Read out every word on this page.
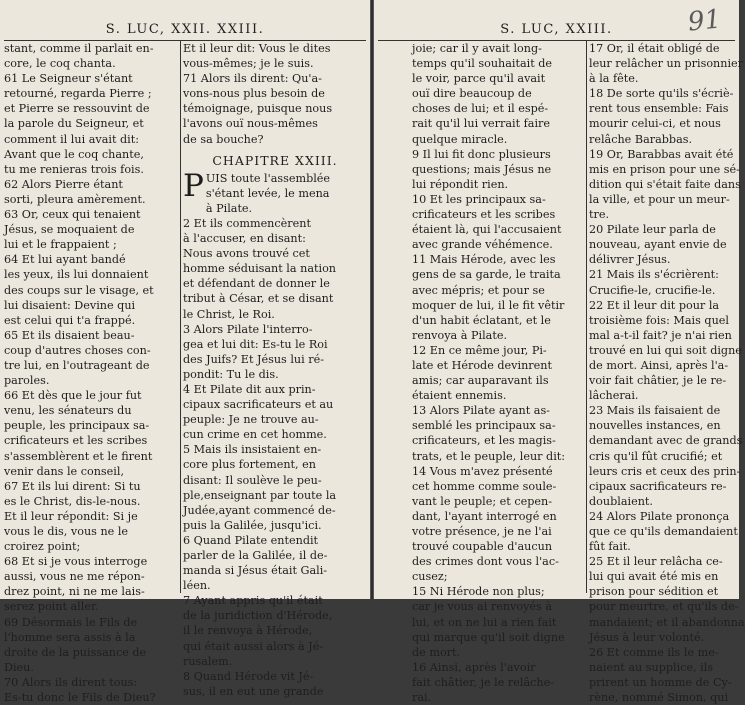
S. LUC, XXII. XXIII.
stant, comme il parlait en-
core, le coq chanta.
61 Le Seigneur s'étant
retourné, regarda Pierre ;
et Pierre se ressouvint de
la parole du Seigneur, et
comment il lui avait dit:
Avant que le coq chante,
tu me renieras trois fois.
62 Alors Pierre étant
sorti, pleura amèrement.
63 Or, ceux qui tenaient
Jésus, se moquaient de
lui et le frappaient ;
64 Et lui ayant bandé
les yeux, ils lui donnaient
des coups sur le visage, et
lui disaient: Devine qui
est celui qui t'a frappé.
65 Et ils disaient beau-
coup d'autres choses con-
tre lui, en l'outrageant de
paroles.
66 Et dès que le jour fut
venu, les sénateurs du
peuple, les principaux sa-
crificateurs et les scribes
s'assemblèrent et le firent
venir dans le conseil,
67 Et ils lui dirent: Si tu
es le Christ, dis-le-nous.
Et il leur répondit: Si je
vous le dis, vous ne le
croirez point;
68 Et si je vous interroge
aussi, vous ne me répon-
drez point, ni ne me lais-
serez point aller.
69 Désormais le Fils de
l'homme sera assis à la
droite de la puissance de
Dieu.
70 Alors ils dirent tous:
Es-tu donc le Fils de Dieu?
Et il leur dit: Vous le dites
vous-mêmes; je le suis.
71 Alors ils dirent: Qu'a-
vons-nous plus besoin de
témoignage, puisque nous
l'avons ouï nous-mêmes
de sa bouche?
CHAPITRE XXIII.
P UIS toute l'assemblée
s'étant levée, le mena
à Pilate.
2 Et ils commencèrent
à l'accuser, en disant:
Nous avons trouvé cet
homme séduisant la nation
et défendant de donner le
tribut à César, et se disant
le Christ, le Roi.
3 Alors Pilate l'interro-
gea et lui dit: Es-tu le Roi
des Juifs? Et Jésus lui ré-
pondit: Tu le dis.
4 Et Pilate dit aux prin-
cipaux sacrificateurs et au
peuple: Je ne trouve au-
cun crime en cet homme.
5 Mais ils insistaient en-
core plus fortement, en
disant: Il soulève le peu-
ple,enseignant par toute la
Judée,ayant commencé de-
puis la Galilée, jusqu'ici.
6 Quand Pilate entendit
parler de la Galilée, il de-
manda si Jésus était Gali-
léen.
7 Ayant appris qu'il était
de la juridiction d'Hérode,
il le renvoya à Hérode,
qui était aussi alors à Jé-
rusalem.
8 Quand Hérode vit Jé-
sus, il en eut une grande
S. LUC, XXIII.	91
joie; car il y avait long-
temps qu'il souhaitait de
le voir, parce qu'il avait
ouï dire beaucoup de
choses de lui; et il espé-
rait qu'il lui verrait faire
quelque miracle.
9 Il lui fit donc plusieurs
questions; mais Jésus ne
lui répondit rien.
10 Et les principaux sa-
crificateurs et les scribes
étaient là, qui l'accusaient
avec grande véhémence.
11 Mais Hérode, avec les
gens de sa garde, le traita
avec mépris; et pour se
moquer de lui, il le fit vêtir
d'un habit éclatant, et le
renvoya à Pilate.
12 En ce même jour, Pi-
late et Hérode devinrent
amis; car auparavant ils
étaient ennemis.
13 Alors Pilate ayant as-
semblé les principaux sa-
crificateurs, et les magis-
trats, et le peuple, leur dit:
14 Vous m'avez présenté
cet homme comme soule-
vant le peuple; et cepen-
dant, l'ayant interrogé en
votre présence, je ne l'ai
trouvé coupable d'aucun
des crimes dont vous l'ac-
cusez;
15 Ni Hérode non plus;
car je vous ai renvoyés à
lui, et on ne lui a rien fait
qui marque qu'il soit digne
de mort.
16 Ainsi, après l'avoir
fait châtier, je le relâche-
rai.
17 Or, il était obligé de
leur relâcher un prisonnier
à la fête.
18 De sorte qu'ils s'écriè-
rent tous ensemble: Fais
mourir celui-ci, et nous
relâche Barabbas.
19 Or, Barabbas avait été
mis en prison pour une sé-
dition qui s'était faite dans
la ville, et pour un meur-
tre.
20 Pilate leur parla de
nouveau, ayant envie de
délivrer Jésus.
21 Mais ils s'écrièrent:
Crucifie-le, crucifie-le.
22 Et il leur dit pour la
troisième fois: Mais quel
mal a-t-il fait? je n'ai rien
trouvé en lui qui soit digne
de mort. Ainsi, après l'a-
voir fait châtier, je le re-
lâcherai.
23 Mais ils faisaient de
nouvelles instances, en
demandant avec de grands
cris qu'il fût crucifié; et
leurs cris et ceux des prin-
cipaux sacrificateurs re-
doublaient.
24 Alors Pilate prononça
que ce qu'ils demandaient
fût fait.
25 Et il leur relâcha ce-
lui qui avait été mis en
prison pour sédition et
pour meurtre, et qu'ils de-
mandaient; et il abandonna
Jésus à leur volonté.
26 Et comme ils le me-
naient au supplice, ils
prirent un homme de Cy-
rène, nommé Simon, qui
